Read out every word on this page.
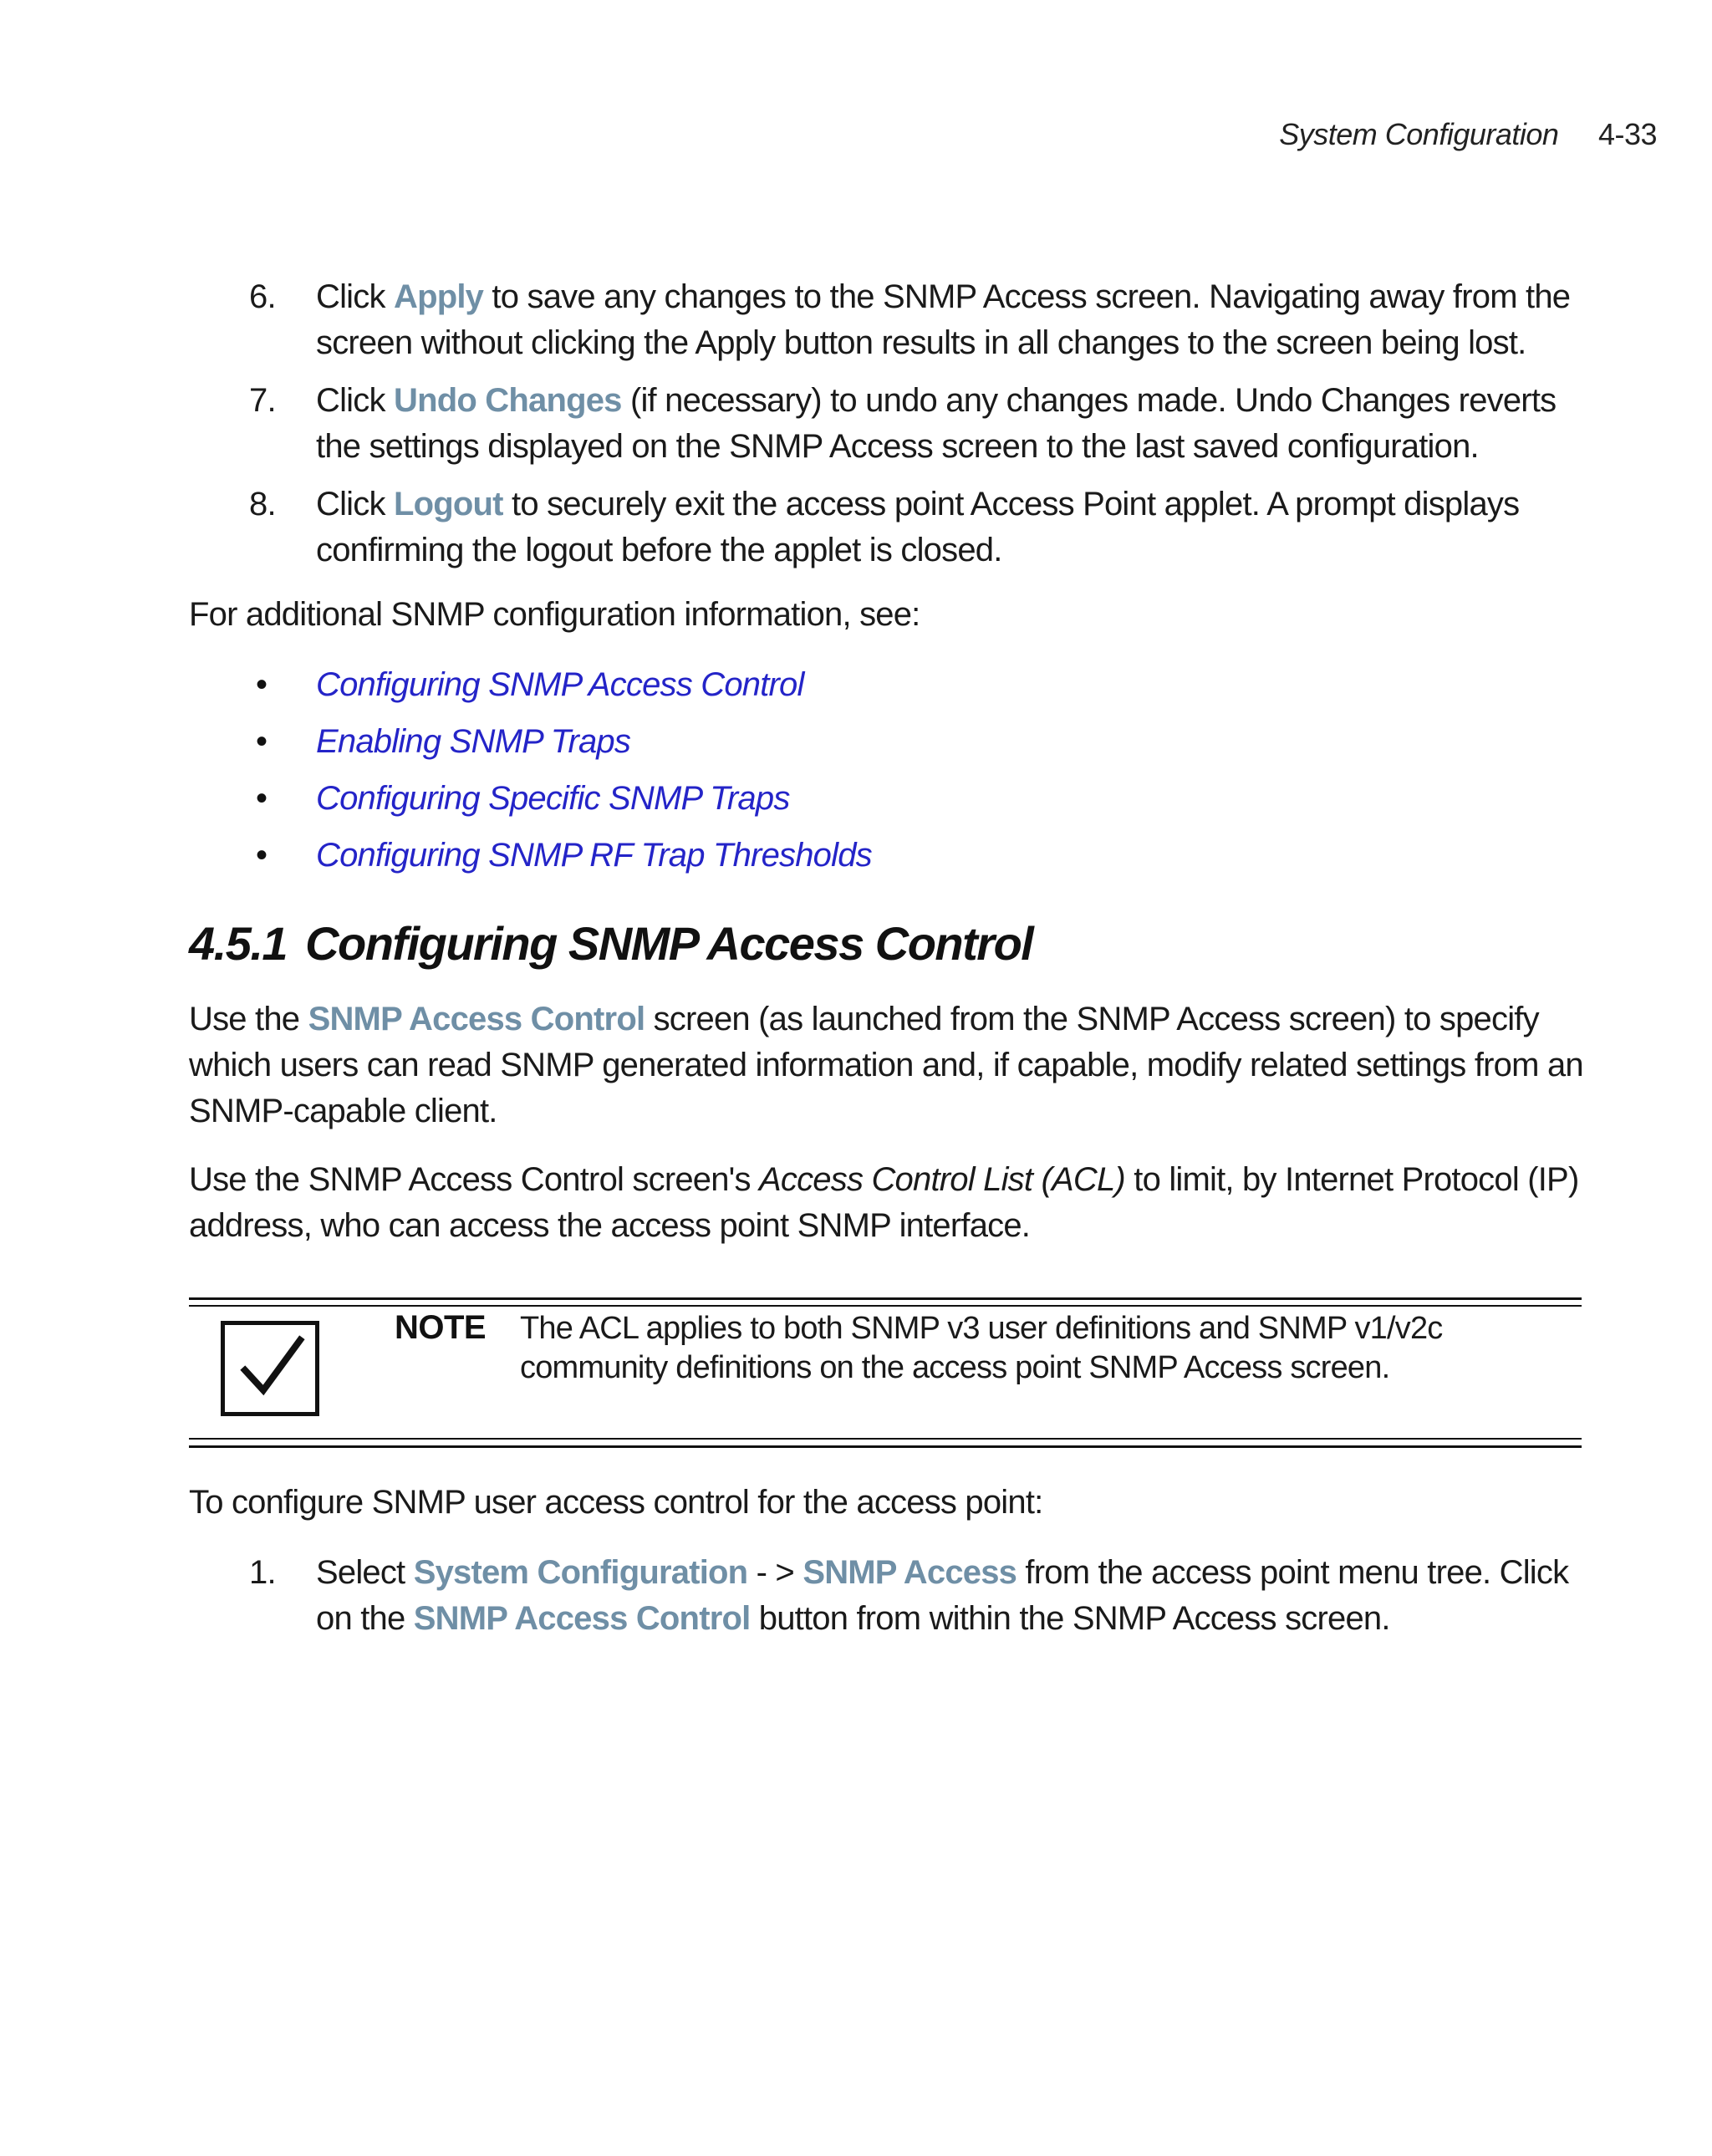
System Configuration 4-33
6. Click Apply to save any changes to the SNMP Access screen. Navigating away from the screen without clicking the Apply button results in all changes to the screen being lost.
7. Click Undo Changes (if necessary) to undo any changes made. Undo Changes reverts the settings displayed on the SNMP Access screen to the last saved configuration.
8. Click Logout to securely exit the access point Access Point applet. A prompt displays confirming the logout before the applet is closed.
For additional SNMP configuration information, see:
• Configuring SNMP Access Control
• Enabling SNMP Traps
• Configuring Specific SNMP Traps
• Configuring SNMP RF Trap Thresholds
4.5.1 Configuring SNMP Access Control
Use the SNMP Access Control screen (as launched from the SNMP Access screen) to specify which users can read SNMP generated information and, if capable, modify related settings from an SNMP-capable client.
Use the SNMP Access Control screen's Access Control List (ACL) to limit, by Internet Protocol (IP) address, who can access the access point SNMP interface.
NOTE The ACL applies to both SNMP v3 user definitions and SNMP v1/v2c community definitions on the access point SNMP Access screen.
To configure SNMP user access control for the access point:
1. Select System Configuration - > SNMP Access from the access point menu tree. Click on the SNMP Access Control button from within the SNMP Access screen.
